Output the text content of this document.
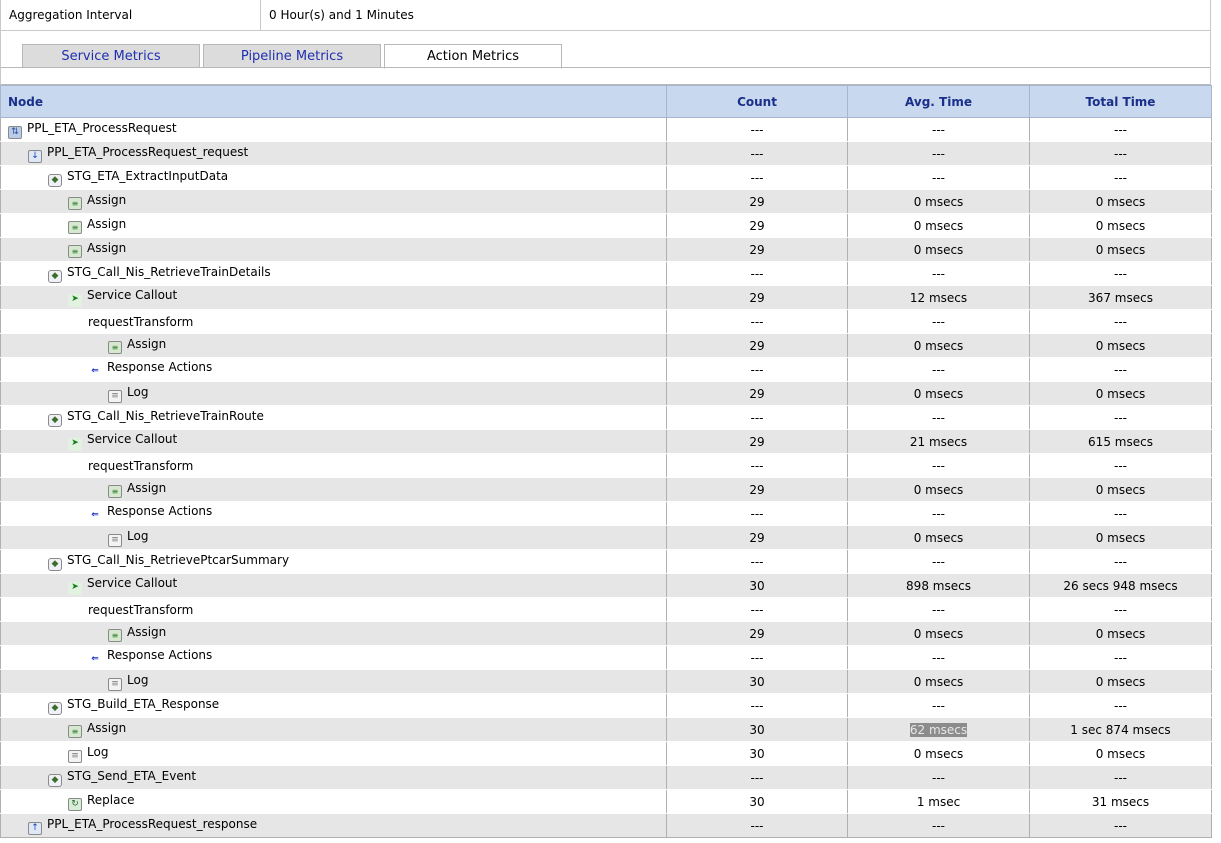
Aggregation Interval	0 Hour(s) and 1 Minutes
Service Metrics	Pipeline Metrics	Action Metrics
Node	Count	Avg. Time	Total Time
⇅ PPL_ETA_ProcessRequest	---	---	---
↓ PPL_ETA_ProcessRequest_request	---	---	---
◆ STG_ETA_ExtractInputData	---	---	---
≡ Assign	29	0 msecs	0 msecs
≡ Assign	29	0 msecs	0 msecs
≡ Assign	29	0 msecs	0 msecs
◆ STG_Call_Nis_RetrieveTrainDetails	---	---	---
➤ Service Callout	29	12 msecs	367 msecs
requestTransform	---	---	---
≡ Assign	29	0 msecs	0 msecs
⇐ Response Actions	---	---	---
≡ Log	29	0 msecs	0 msecs
◆ STG_Call_Nis_RetrieveTrainRoute	---	---	---
➤ Service Callout	29	21 msecs	615 msecs
requestTransform	---	---	---
≡ Assign	29	0 msecs	0 msecs
⇐ Response Actions	---	---	---
≡ Log	29	0 msecs	0 msecs
◆ STG_Call_Nis_RetrievePtcarSummary	---	---	---
➤ Service Callout	30	898 msecs	26 secs 948 msecs
requestTransform	---	---	---
≡ Assign	29	0 msecs	0 msecs
⇐ Response Actions	---	---	---
≡ Log	30	0 msecs	0 msecs
◆ STG_Build_ETA_Response	---	---	---
≡ Assign	30	62 msecs	1 sec 874 msecs
≡ Log	30	0 msecs	0 msecs
◆ STG_Send_ETA_Event	---	---	---
↻ Replace	30	1 msec	31 msecs
↑ PPL_ETA_ProcessRequest_response	---	---	---
